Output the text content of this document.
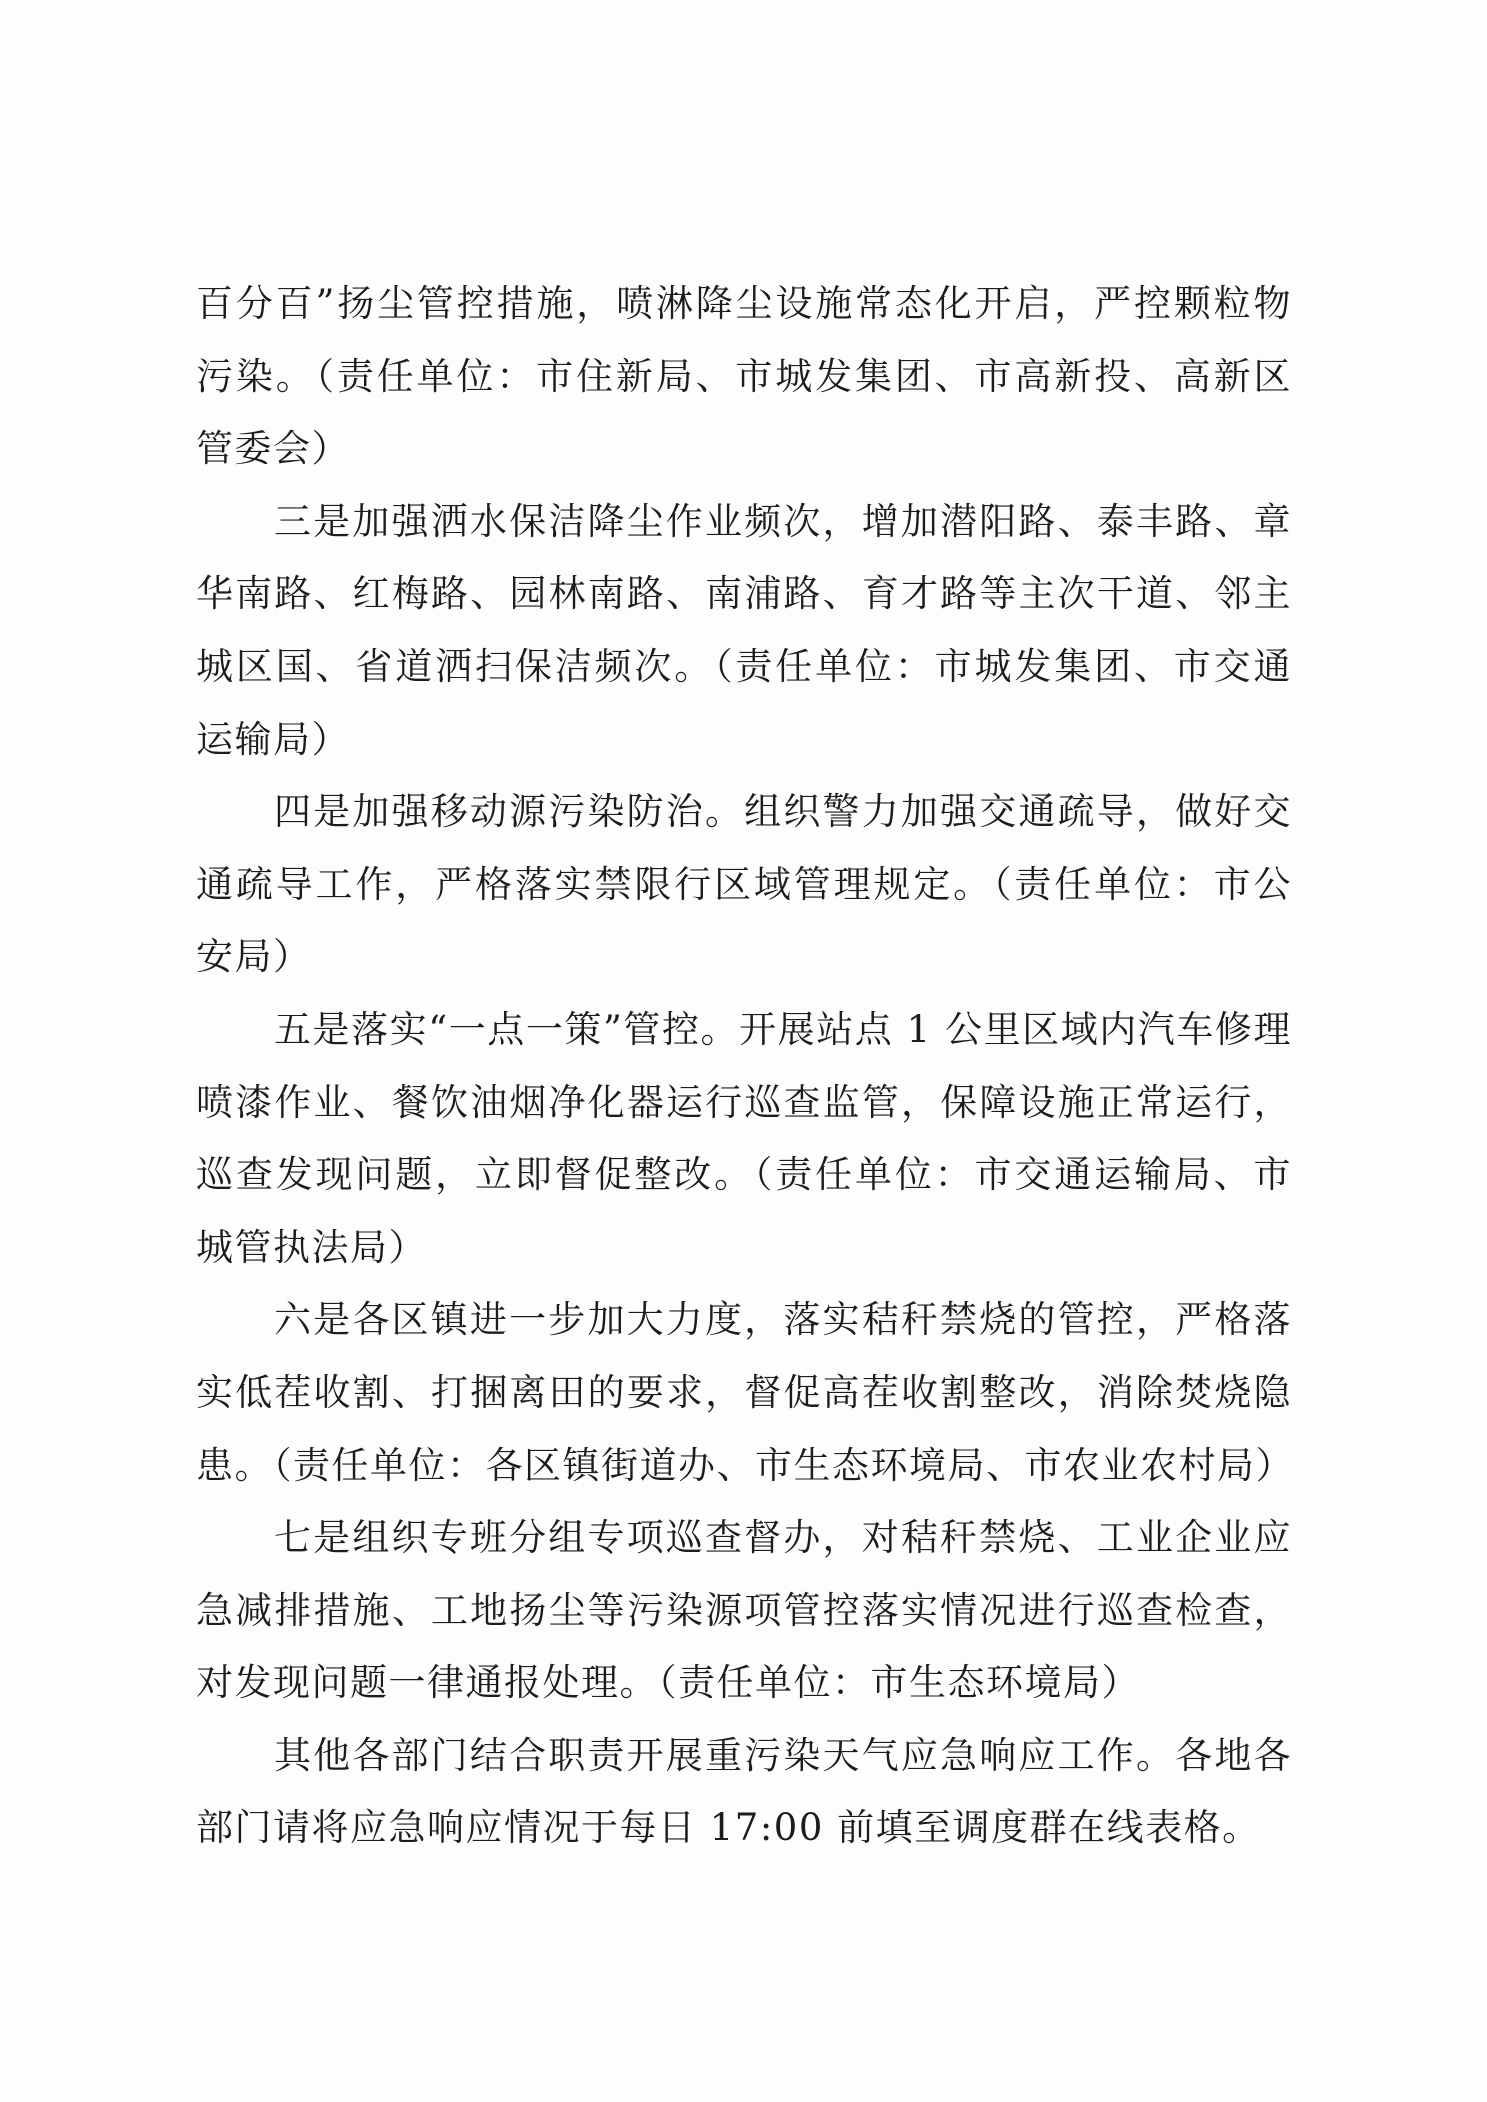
百分百”扬尘管控措施，喷淋降尘设施常态化开启，严控颗粒物污染。（责任单位：市住新局、市城发集团、市高新投、高新区管委会）

三是加强洒水保洁降尘作业频次，增加潜阳路、泰丰路、章华南路、红梅路、园林南路、南浦路、育才路等主次干道、邻主城区国、省道洒扫保洁频次。（责任单位：市城发集团、市交通运输局）

四是加强移动源污染防治。组织警力加强交通疏导，做好交通疏导工作，严格落实禁限行区域管理规定。（责任单位：市公安局）

五是落实“一点一策”管控。开展站点 1 公里区域内汽车修理喷漆作业、餐饮油烟净化器运行巡查监管，保障设施正常运行，巡查发现问题，立即督促整改。（责任单位：市交通运输局、市城管执法局）

六是各区镇进一步加大力度，落实秸秆禁烧的管控，严格落实低茬收割、打捆离田的要求，督促高茬收割整改，消除焚烧隐患。（责任单位：各区镇街道办、市生态环境局、市农业农村局）

七是组织专班分组专项巡查督办，对秸秆禁烧、工业企业应急减排措施、工地扬尘等污染源项管控落实情况进行巡查检查，对发现问题一律通报处理。（责任单位：市生态环境局）

其他各部门结合职责开展重污染天气应急响应工作。各地各部门请将应急响应情况于每日 17:00 前填至调度群在线表格。
